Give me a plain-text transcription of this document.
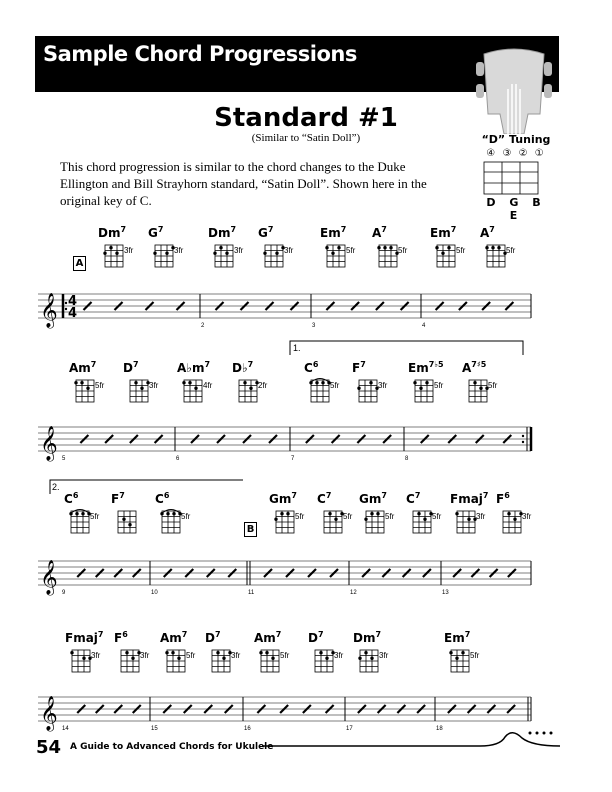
Sample Chord Progressions
Standard #1
(Similar to “Satin Doll”)
This chord progression is similar to the chord changes to the Duke Ellington and Bill Strayhorn standard, “Satin Doll”. Shown here in the original key of C.
“D” Tuning
④ ③ ② ①
D G B E
A
B
1.
2.
𝄞 4
4
2	3	4
𝄞 5	6	7	8
𝄞 9	10	11	12	13
𝄞 14	15	16	17	18
54 A Guide to Advanced Chords for Ukulele
Dm$^7$
3fr
$G^7$
3fr
Dm$^7$
3fr
$G^7$
3fr
Em$^7$
5fr
$A^7$
5fr
Em$^7$
5fr
$A^7$
5fr
Am$^7$
5fr
$D^7$
3fr
$A♭m^7$
4fr
D♭$^7$
2fr
$C^6$
5fr
$F^7$
3fr
$Em^{7♭5}$
5fr
$A^{7♯5}$
5fr
$C^6$
5fr
$F^7$	$C^6$
5fr
Gm$^7$
5fr
$C^7$
5fr
Gm$^7$
5fr
$C^7$
5fr
Fmaj$^7$
3fr
$F^6$
3fr
Fmaj$^7$
3fr
$F^6$
3fr
Am$^7$
5fr
$D^7$
3fr
Am$^7$
5fr
$D^7$
3fr
Dm$^7$
3fr
Em$^7$
5fr
